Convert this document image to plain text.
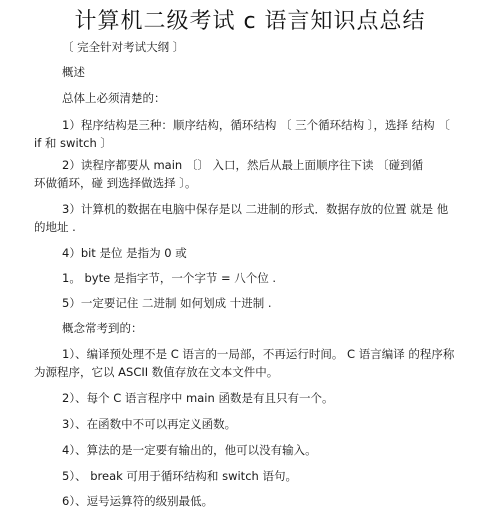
计算机二级考试 c 语言知识点总结
〔 完全针对考试大纲 〕
概述
总体上必须清楚的：
1）程序结构是三种：顺序结构，循环结构 〔 三个循环结构 〕，选择 结构 〔
if 和 switch 〕
2）读程序都要从 main 〔〕 入口，然后从最上面顺序往下读 〔碰到循
环做循环，碰 到选择做选择 〕。
3）计算机的数据在电脑中保存是以 二进制的形式．数据存放的位置 就是 他
的地址 .
4）bit 是位 是指为 0 或
1。 byte 是指字节，一个字节 = 八个位 .
5）一定要记住 二进制 如何划成 十进制 .
概念常考到的：
1）、编译预处理不是 C 语言的一局部，不再运行时间。 C 语言编译 的程序称
为源程序，它以 ASCII 数值存放在文本文件中。
2）、每个 C 语言程序中 main 函数是有且只有一个。
3）、在函数中不可以再定义函数。
4）、算法的是一定要有输出的，他可以没有输入。
5）、 break 可用于循环结构和 switch 语句。
6）、逗号运算符的级别最低。
